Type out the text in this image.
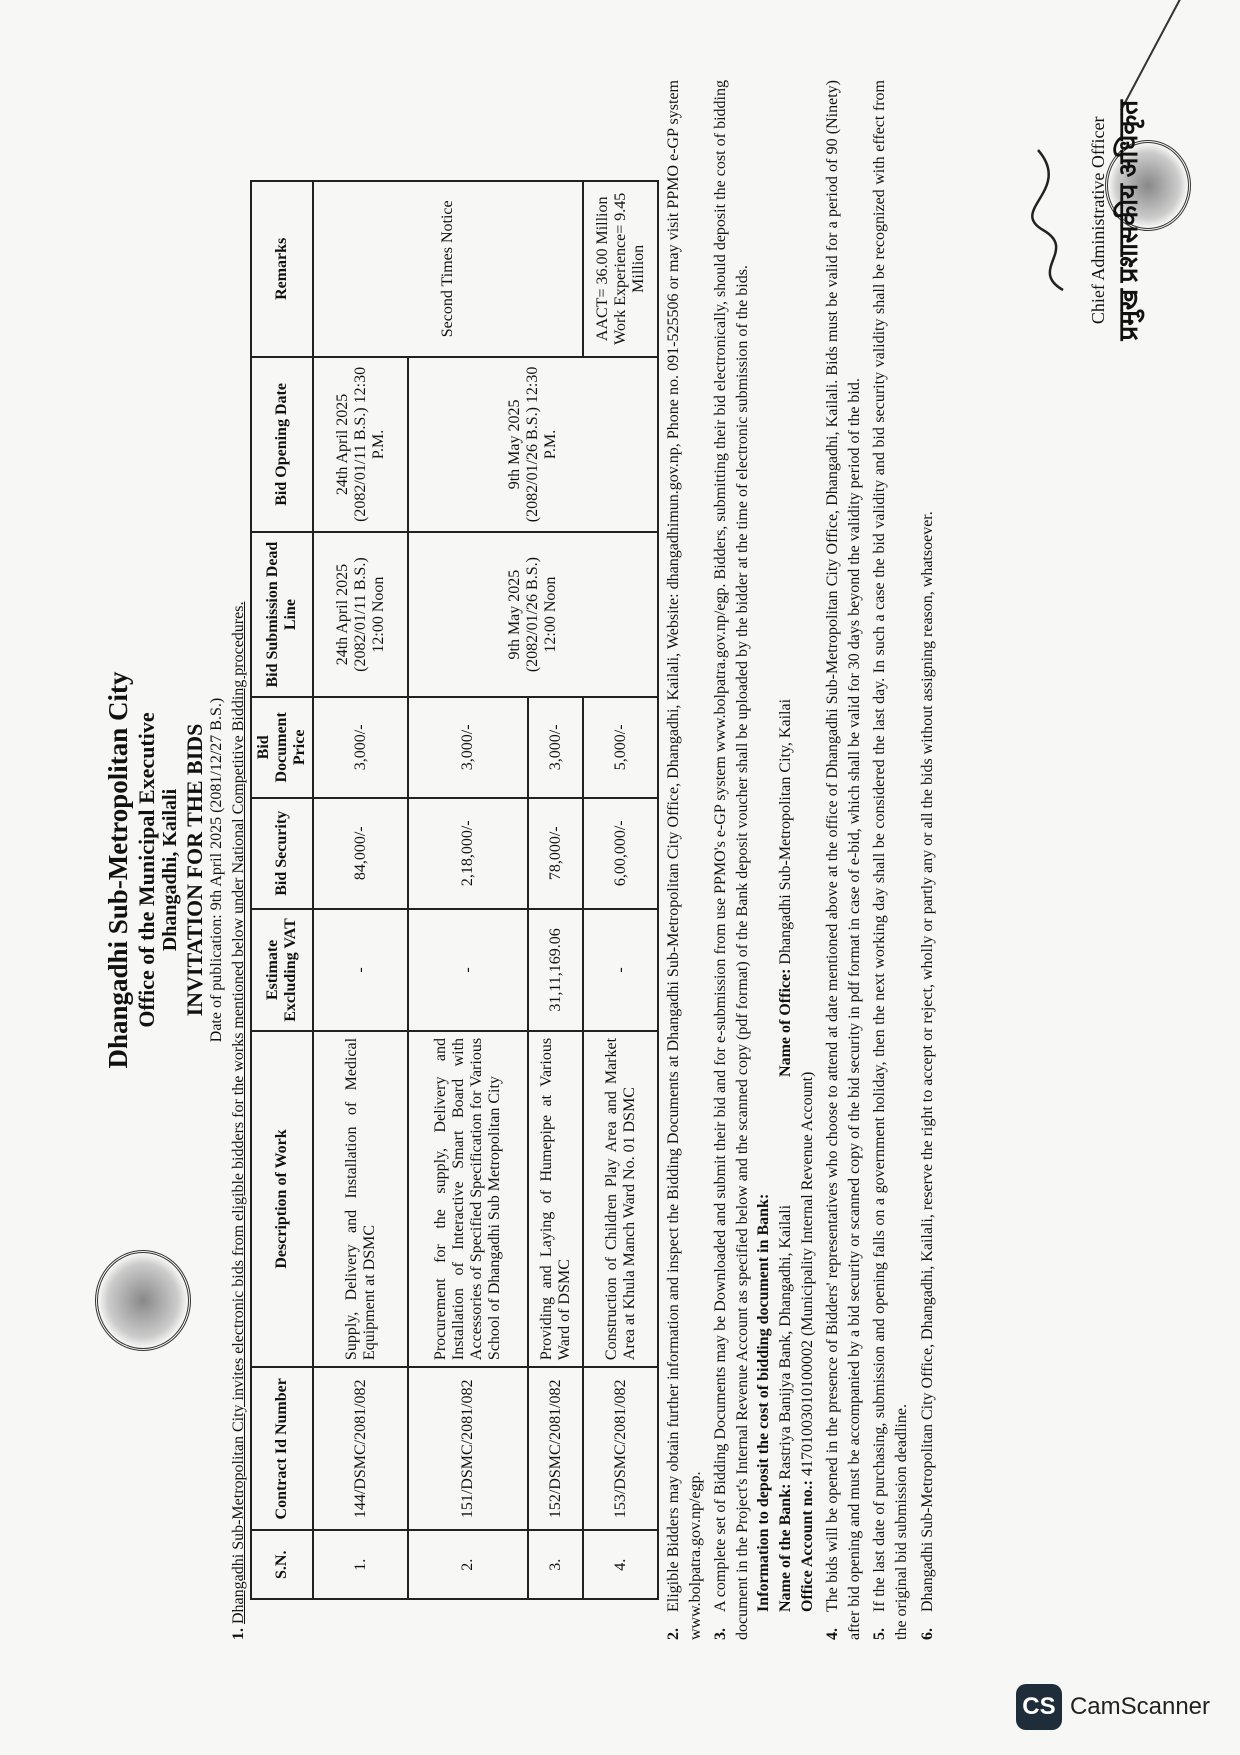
Dhangadhi Sub-Metropolitan City Office of the Municipal Executive Dhangadhi, Kailali INVITATION FOR THE BIDS Date of publication: 9th April 2025 (2081/12/27 B.S.)
1. Dhangadhi Sub-Metropolitan City invites electronic bids from eligible bidders for the works mentioned below under National Competitive Bidding procedures. S.N.	Contract Id Number	Description of Work	Estimate Excluding VAT	Bid Security	Bid Document Price	Bid Submission Dead Line	Bid Opening Date	Remarks
1.	144/DSMC/2081/082	Supply, Delivery and Installation of Medical Equipment at DSMC	-	84,000/-	3,000/-	24th April 2025 (2082/01/11 B.S.) 12:00 Noon	24th April 2025 (2082/01/11 B.S.) 12:30 P.M.	Second Times Notice
2.	151/DSMC/2081/082	Procurement for the supply, Delivery and Installation of Interactive Smart Board with Accessories of Specified Specification for Various School of Dhangadhi Sub Metropolitan City	-	2,18,000/-	3,000/-	9th May 2025 (2082/01/26 B.S.) 12:00 Noon	9th May 2025 (2082/01/26 B.S.) 12:30 P.M.	
3.	152/DSMC/2081/082	Providing and Laying of Humepipe at Various Ward of DSMC	31,11,169.06	78,000/-	3,000/-			
4.	153/DSMC/2081/082	Construction of Children Play Area and Market Area at Khula Manch Ward No. 01 DSMC	-	6,00,000/-	5,000/-			AACT= 36.00 Million Work Experience= 9.45 Million
2.Eligible Bidders may obtain further information and inspect the Bidding Documents at Dhangadhi Sub-Metropolitan City Office, Dhangadhi, Kailali, Website: dhangadhimun.gov.np, Phone no. 091-525506 or may visit PPMO e-GP system www.bolpatra.gov.np/egp. 3.A complete set of Bidding Documents may be Downloaded and submit their bid and for e-submission from use PPMO's e-GP system www.bolpatra.gov.np/egp. Bidders, submitting their bid electronically, should deposit the cost of bidding document in the Project's Internal Revenue Account as specified below and the scanned copy (pdf format) of the Bank deposit voucher shall be uploaded by the bidder at the time of electronic submission of the bids. Information to deposit the cost of bidding document in Bank: Name of the Bank: Rastriya Banijya Bank, Dhangadhi, Kailali  Name of Office: Dhangadhi Sub-Metropolitan City, Kailai
Office Account no.: 41701003010100002 (Municipality Internal Revenue Account)
4.The bids will be opened in the presence of Bidders' representatives who choose to attend at date mentioned above at the office of Dhangadhi Sub-Metropolitan City Office, Dhangadhi, Kailali. Bids must be valid for a period of 90 (Ninety) after bid opening and must be accompanied by a bid security or scanned copy of the bid security in pdf format in case of e-bid, which shall be valid for 30 days beyond the validity period of the bid. 5.If the last date of purchasing, submission and opening falls on a government holiday, then the next working day shall be considered the last day. In such a case the bid validity and bid security validity shall be recognized with effect from the original bid submission deadline. 6.Dhangadhi Sub-Metropolitan City Office, Dhangadhi, Kailali, reserve the right to accept or reject, wholly or partly any or all the bids without assigning reason, whatsoever.
Chief Administrative Officer प्रमुख प्रशासकीय अधिकृत
CS CamScanner
